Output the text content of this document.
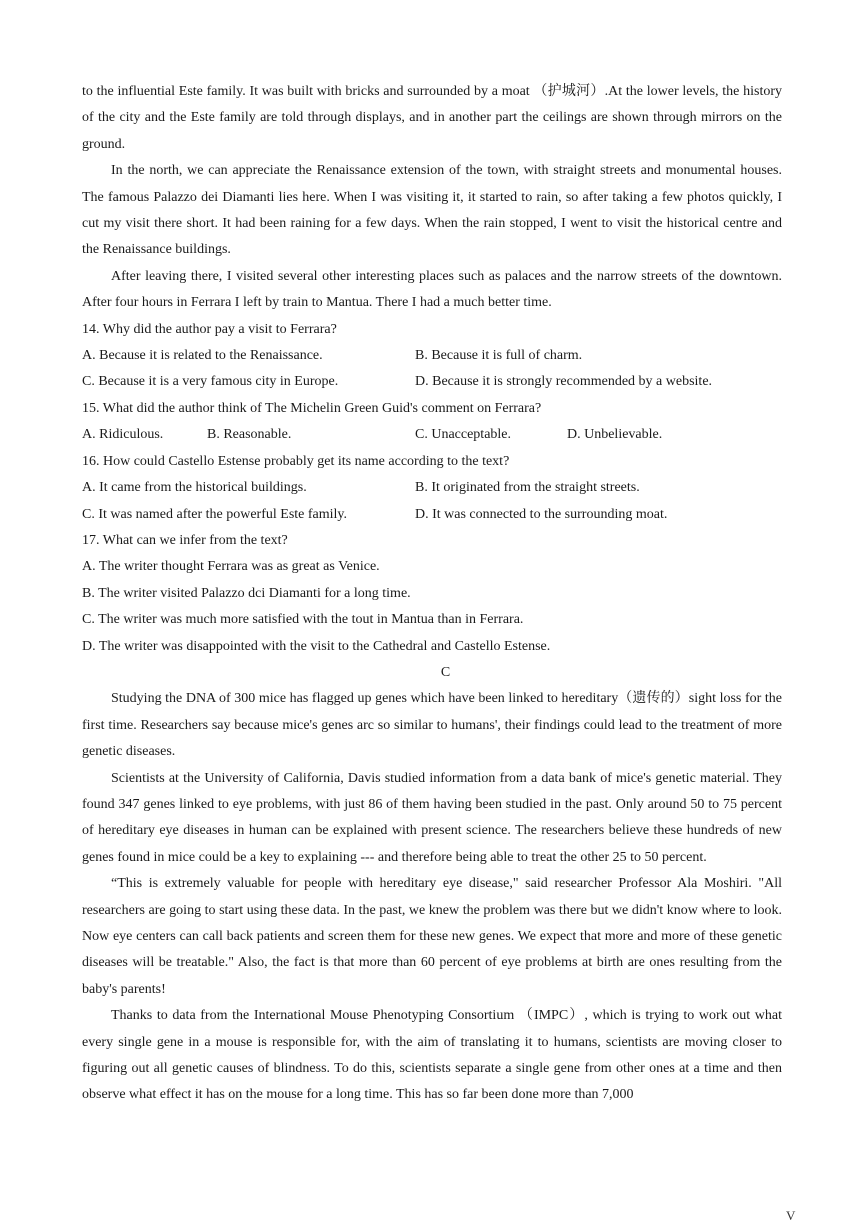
to the influential Este family. It was built with bricks and surrounded by a moat （护城河）.At the lower levels, the history of the city and the Este family are told through displays, and in another part the ceilings are shown through mirrors on the ground.

In the north, we can appreciate the Renaissance extension of the town, with straight streets and monumental houses. The famous Palazzo dei Diamanti lies here. When I was visiting it, it started to rain, so after taking a few photos quickly, I cut my visit there short. It had been raining for a few days. When the rain stopped, I went to visit the historical centre and the Renaissance buildings.

After leaving there, I visited several other interesting places such as palaces and the narrow streets of the downtown. After four hours in Ferrara I left by train to Mantua. There I had a much better time.

14. Why did the author pay a visit to Ferrara?

A. Because it is related to the Renaissance.	B. Because it is full of charm.
C. Because it is a very famous city in Europe.	D. Because it is strongly recommended by a website.

15. What did the author think of The Michelin Green Guid's comment on Ferrara?

A. Ridiculous.	B. Reasonable.	C. Unacceptable.	D. Unbelievable.

16. How could Castello Estense probably get its name according to the text?

A. It came from the historical buildings.	B. It originated from the straight streets.
C. It was named after the powerful Este family.	D. It was connected to the surrounding moat.

17. What can we infer from the text?

A. The writer thought Ferrara was as great as Venice.

B. The writer visited Palazzo dci Diamanti for a long time.

C. The writer was much more satisfied with the tout in Mantua than in Ferrara.

D. The writer was disappointed with the visit to the Cathedral and Castello Estense.

C

Studying the DNA of 300 mice has flagged up genes which have been linked to hereditary（遗传的）sight loss for the first time. Researchers say because mice's genes arc so similar to humans', their findings could lead to the treatment of more genetic diseases.

Scientists at the University of California, Davis studied information from a data bank of mice's genetic material. They found 347 genes linked to eye problems, with just 86 of them having been studied in the past. Only around 50 to 75 percent of hereditary eye diseases in human can be explained with present science. The researchers believe these hundreds of new genes found in mice could be a key to explaining --- and therefore being able to treat the other 25 to 50 percent.

“This is extremely valuable for people with hereditary eye disease," said researcher Professor Ala Moshiri. "All researchers are going to start using these data. In the past, we knew the problem was there but we didn't know where to look. Now eye centers can call back patients and screen them for these new genes. We expect that more and more of these genetic diseases will be treatable." Also, the fact is that more than 60 percent of eye problems at birth are ones resulting from the baby's parents!

Thanks to data from the International Mouse Phenotyping Consortium （IMPC）, which is trying to work out what every single gene in a mouse is responsible for, with the aim of translating it to humans, scientists are moving closer to figuring out all genetic causes of blindness. To do this, scientists separate a single gene from other ones at a time and then observe what effect it has on the mouse for a long time. This has so far been done more than 7,000

V
